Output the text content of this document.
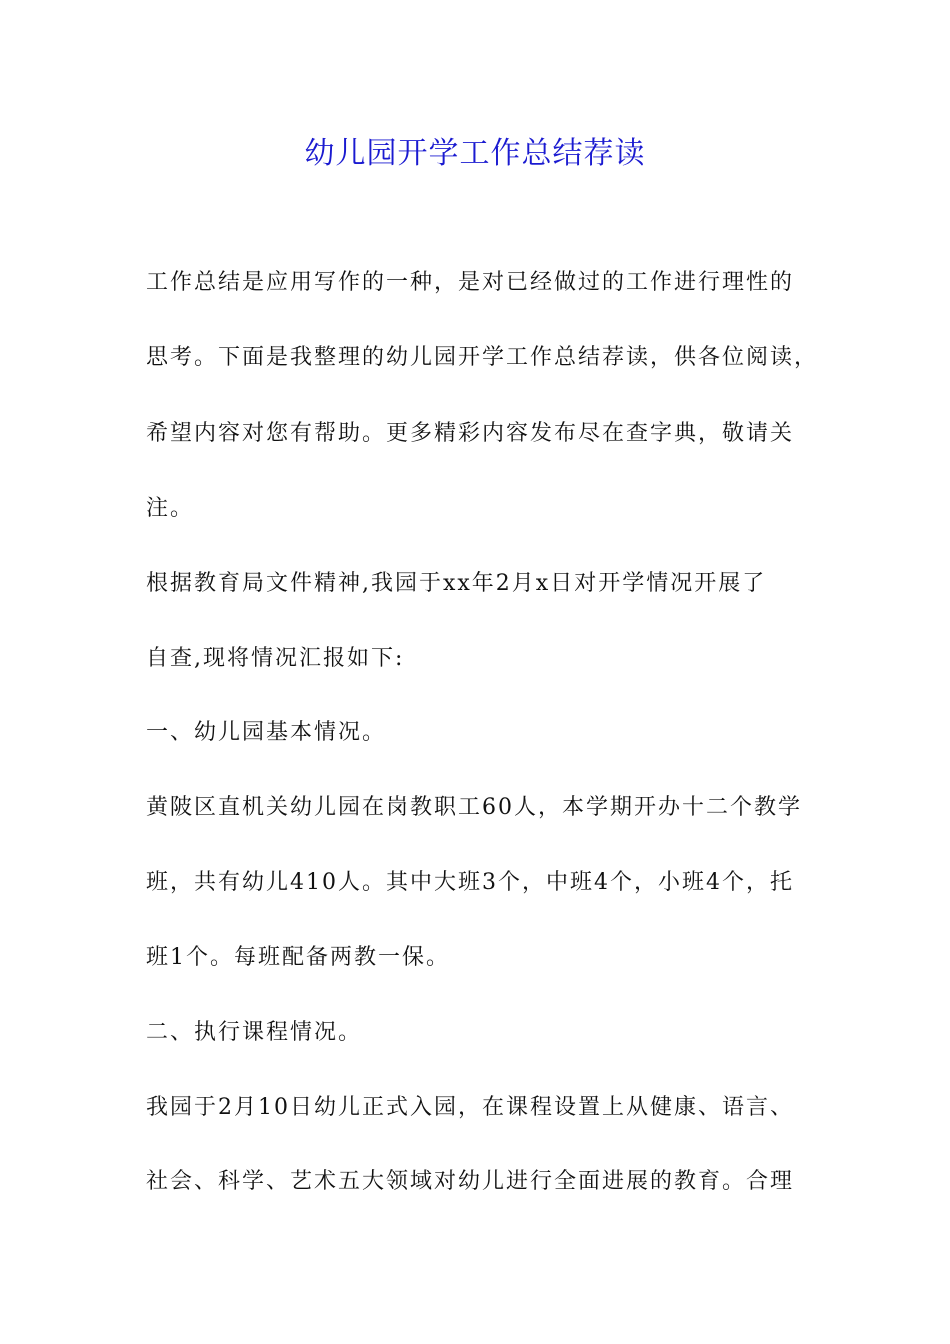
幼儿园开学工作总结荐读
工作总结是应用写作的一种，是对已经做过的工作进行理性的
思考。下面是我整理的幼儿园开学工作总结荐读，供各位阅读，
希望内容对您有帮助。更多精彩内容发布尽在查字典，敬请关
注。
根据教育局文件精神,我园于xx年2月x日对开学情况开展了
自查,现将情况汇报如下:
一、幼儿园基本情况。
黄陂区直机关幼儿园在岗教职工60人，本学期开办十二个教学
班，共有幼儿410人。其中大班3个，中班4个，小班4个，托
班1个。每班配备两教一保。
二、执行课程情况。
我园于2月10日幼儿正式入园，在课程设置上从健康、语言、
社会、科学、艺术五大领域对幼儿进行全面进展的教育。合理
